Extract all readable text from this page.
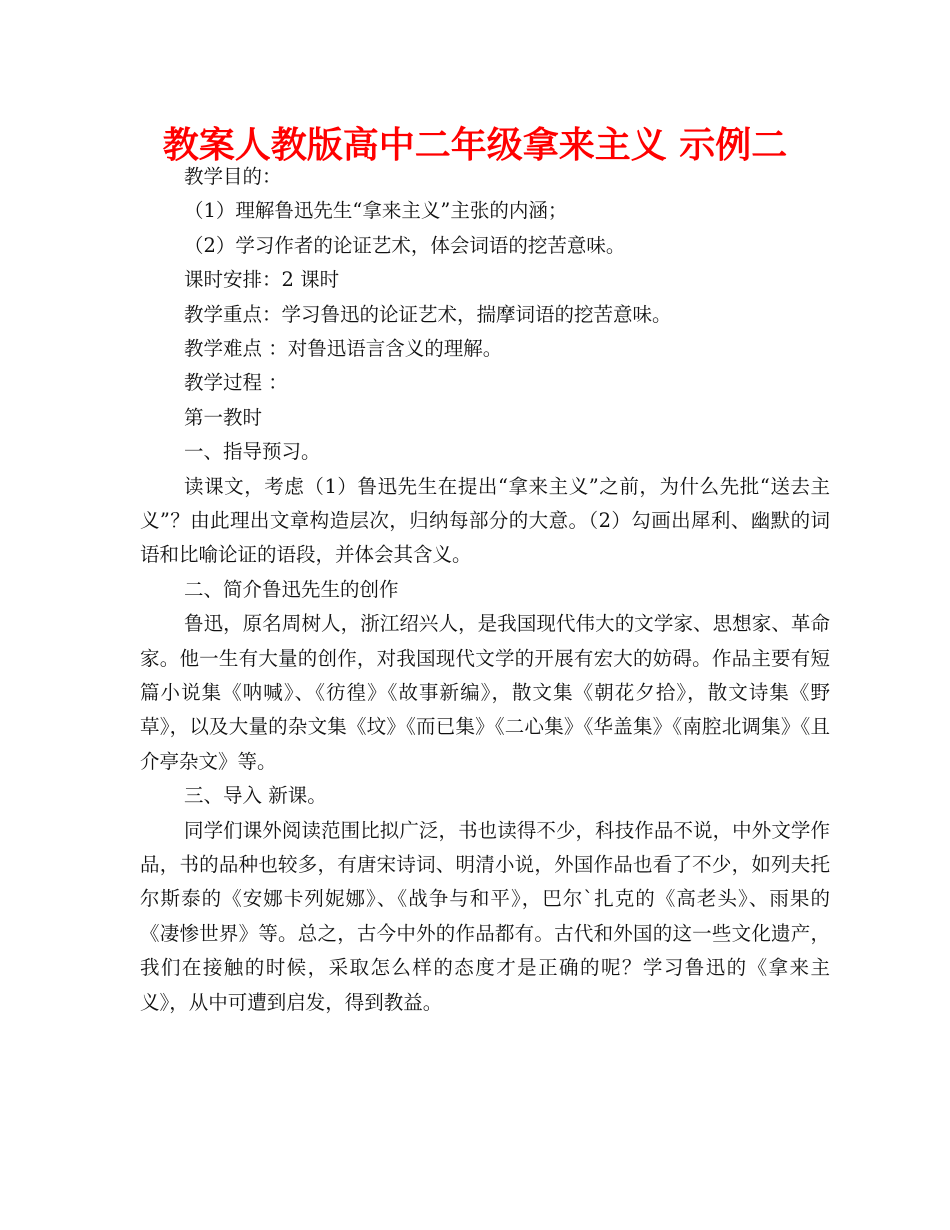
教案人教版高中二年级拿来主义 示例二
教学目的：
（1）理解鲁迅先生“拿来主义”主张的内涵；
（2）学习作者的论证艺术，体会词语的挖苦意味。
课时安排：2 课时
教学重点：学习鲁迅的论证艺术，揣摩词语的挖苦意味。
教学难点 ：对鲁迅语言含义的理解。
教学过程 ：
第一教时
一、指导预习。
读课文，考虑（1）鲁迅先生在提出“拿来主义”之前，为什么先批“送去主义”？由此理出文章构造层次，归纳每部分的大意。（2）勾画出犀利、幽默的词语和比喻论证的语段，并体会其含义。
二、简介鲁迅先生的创作
鲁迅，原名周树人，浙江绍兴人，是我国现代伟大的文学家、思想家、革命家。他一生有大量的创作，对我国现代文学的开展有宏大的妨碍。作品主要有短篇小说集《呐喊》、《彷徨》《故事新编》，散文集《朝花夕拾》，散文诗集《野草》，以及大量的杂文集《坟》《而已集》《二心集》《华盖集》《南腔北调集》《且介亭杂文》等。
三、导入 新课。
同学们课外阅读范围比拟广泛，书也读得不少，科技作品不说，中外文学作品，书的品种也较多，有唐宋诗词、明清小说，外国作品也看了不少，如列夫托尔斯泰的《安娜卡列妮娜》、《战争与和平》，巴尔`扎克的《高老头》、雨果的《凄惨世界》等。总之，古今中外的作品都有。古代和外国的这一些文化遗产，我们在接触的时候，采取怎么样的态度才是正确的呢？学习鲁迅的《拿来主义》，从中可遭到启发，得到教益。
